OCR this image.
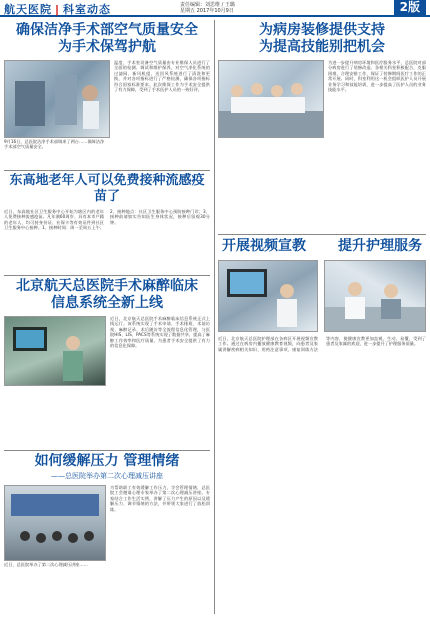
航天医院 | 科室动态	责任编辑：刘思维 / 王璐
星期五 2017年10月9日	2版

确保洁净手术部空气质量安全

为手术保驾护航

9月16日，总医院洁净手术部调来了两台……保障洁净手术部空气质量安全。

温度、手术室设备空气质量由专业维保人员进行了全面的检测、调试和维护保养，对空气净化系统的过滤网、新风机组、送回风系统进行了清洗和更换，并对各项指标进行了严格检测，确保各项指标符合国家标准要求。此次维保工作为手术安全提供了有力保障，受到了手术医护人员的一致好评。

东高地老年人可以免费接种流感疫苗了

近日，东高地社区卫生服务中心开始为辖区内的老年人免费接种流感疫苗。凡年满60周岁、具有本市户籍的老年人，均可持身份证、社保卡等有效证件到社区卫生服务中心接种。1、接种时间：周一至周五上午；2、接种地点：社区卫生服务中心预防接种门诊；3、接种前请如实告知医生身体状况，接种后留观30分钟。

北京航天总医院手术麻醉临床

信息系统全新上线

近日，北京航天总医院手术麻醉临床信息系统正式上线运行。该系统实现了手术申请、手术排班、术前访视、麻醉记录、术后随访等全流程信息化管理，与医院HIS、LIS、PACS等系统实现了数据共享，提高了麻醉工作效率和医疗质量，为患者手术安全提供了有力的信息化保障。

如何缓解压力 管理情绪

——总医院举办第二次心理减压讲座

近日，总医院举办了第二次心理减压讲座……

为帮助职工有效缓解工作压力，学会管理情绪，总医院工会邀请心理专家举办了第二次心理减压讲座。专家结合工作生活实例，讲解了压力产生的原因以及缓解压力、调节情绪的方法，并带领大家进行了放松训练。

为病房装修提供支持

为提高技能别把机会

为进一步提升病房环境和医疗服务水平，总医院对部分病房进行了装修改造。各相关科室积极配合，克服困难，合理安排工作，保证了装修期间医疗工作的正常开展。同时，科室利用这一机会组织医护人员开展业务学习和技能培训，进一步提高了医护人员的业务技能水平。

开展视频宣教 提升护理服务

近日，北京航天总医院护理部在各病区开展视频宣教工作。通过在病房内播放健康教育视频，向患者及家属讲解疾病相关知识、用药注意事项、康复训练方法等内容，使健康宣教更加直观、生动、易懂，受到了患者及家属的欢迎，进一步提升了护理服务质量。
